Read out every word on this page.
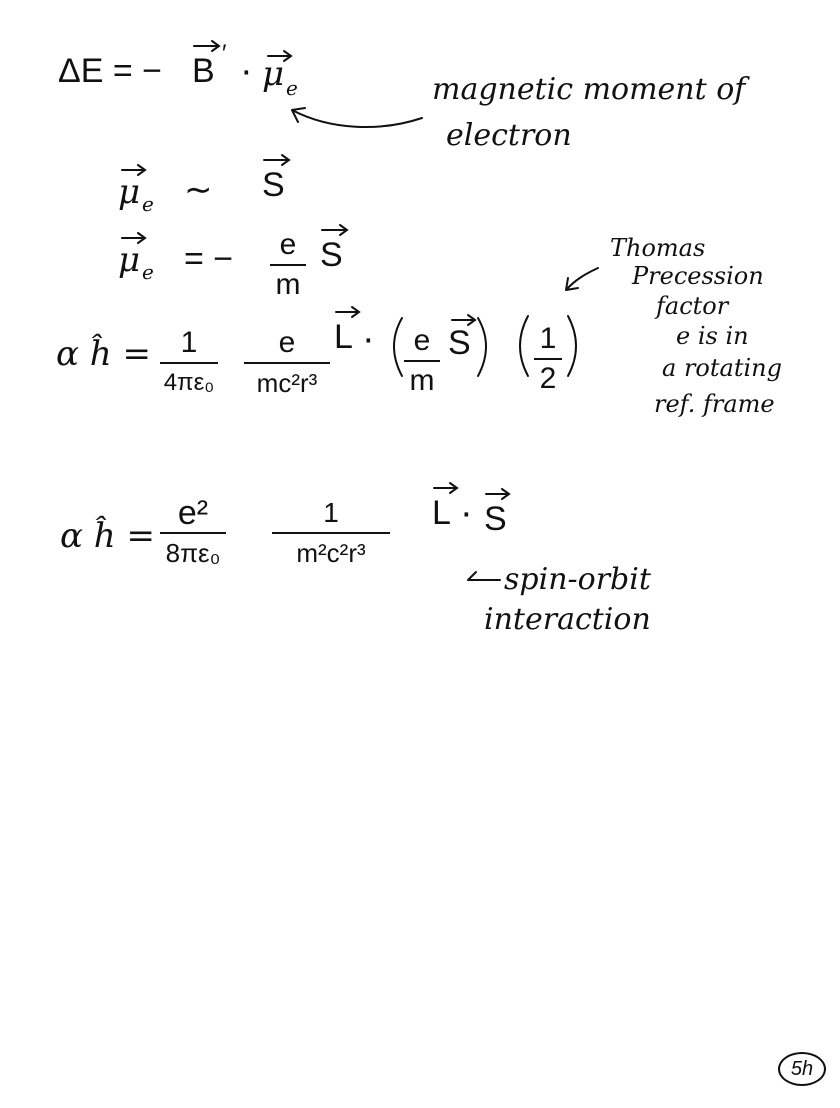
ΔE = − B ′ · μ e	magnetic moment of
electron
μ e ∼ S
μ e = −	e
m
S	Thomas
Precession
factor
e is in
a rotating
ref. frame
α ĥ = 1
4πε₀
e
mc²r³
L ·	e
m
S 1
2
α ĥ =
e²
8πε₀
1
m²c²r³
L · S
spin-orbit
interaction
5h
